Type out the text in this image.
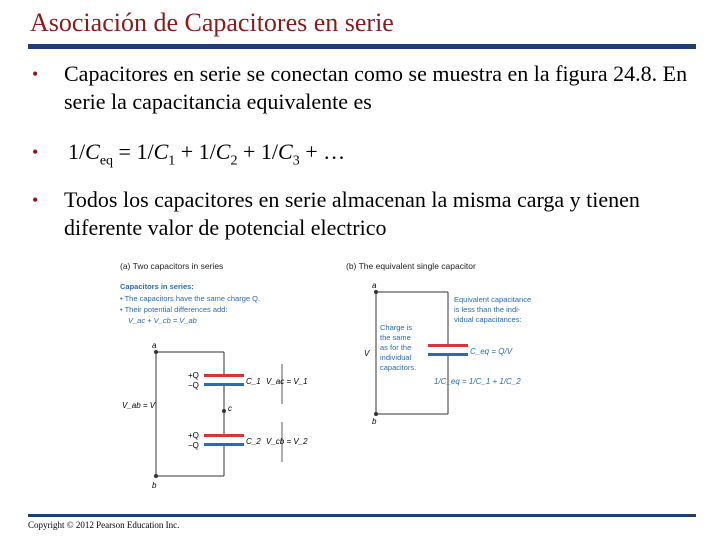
Asociación de Capacitores en serie
• Capacitores en serie se conectan como se muestra en la figura 24.8. En serie la capacitancia equivalente es
• $1/C_{eq} = 1/C_1 + 1/C_2 + 1/C_3$ + …
• Todos los capacitores en serie almacenan la misma carga y tienen diferente valor de potencial electrico
(a) Two capacitors in series
Capacitors in series:
• The capacitors have the same charge Q.
• Their potential differences add:
V_ac + V_cb = V_ab
a
c
b
V_ab = V
+Q
−Q
+Q
−Q
C_1
C_2
V_ac = V_1
V_cb = V_2
(b) The equivalent single capacitor
a
b
V
Charge is
the same
as for the
individual
capacitors.
Equivalent capacitance
is less than the indi-
vidual capacitances:
C_eq = Q/V
1/C_eq = 1/C_1 + 1/C_2
Copyright © 2012 Pearson Education Inc.
